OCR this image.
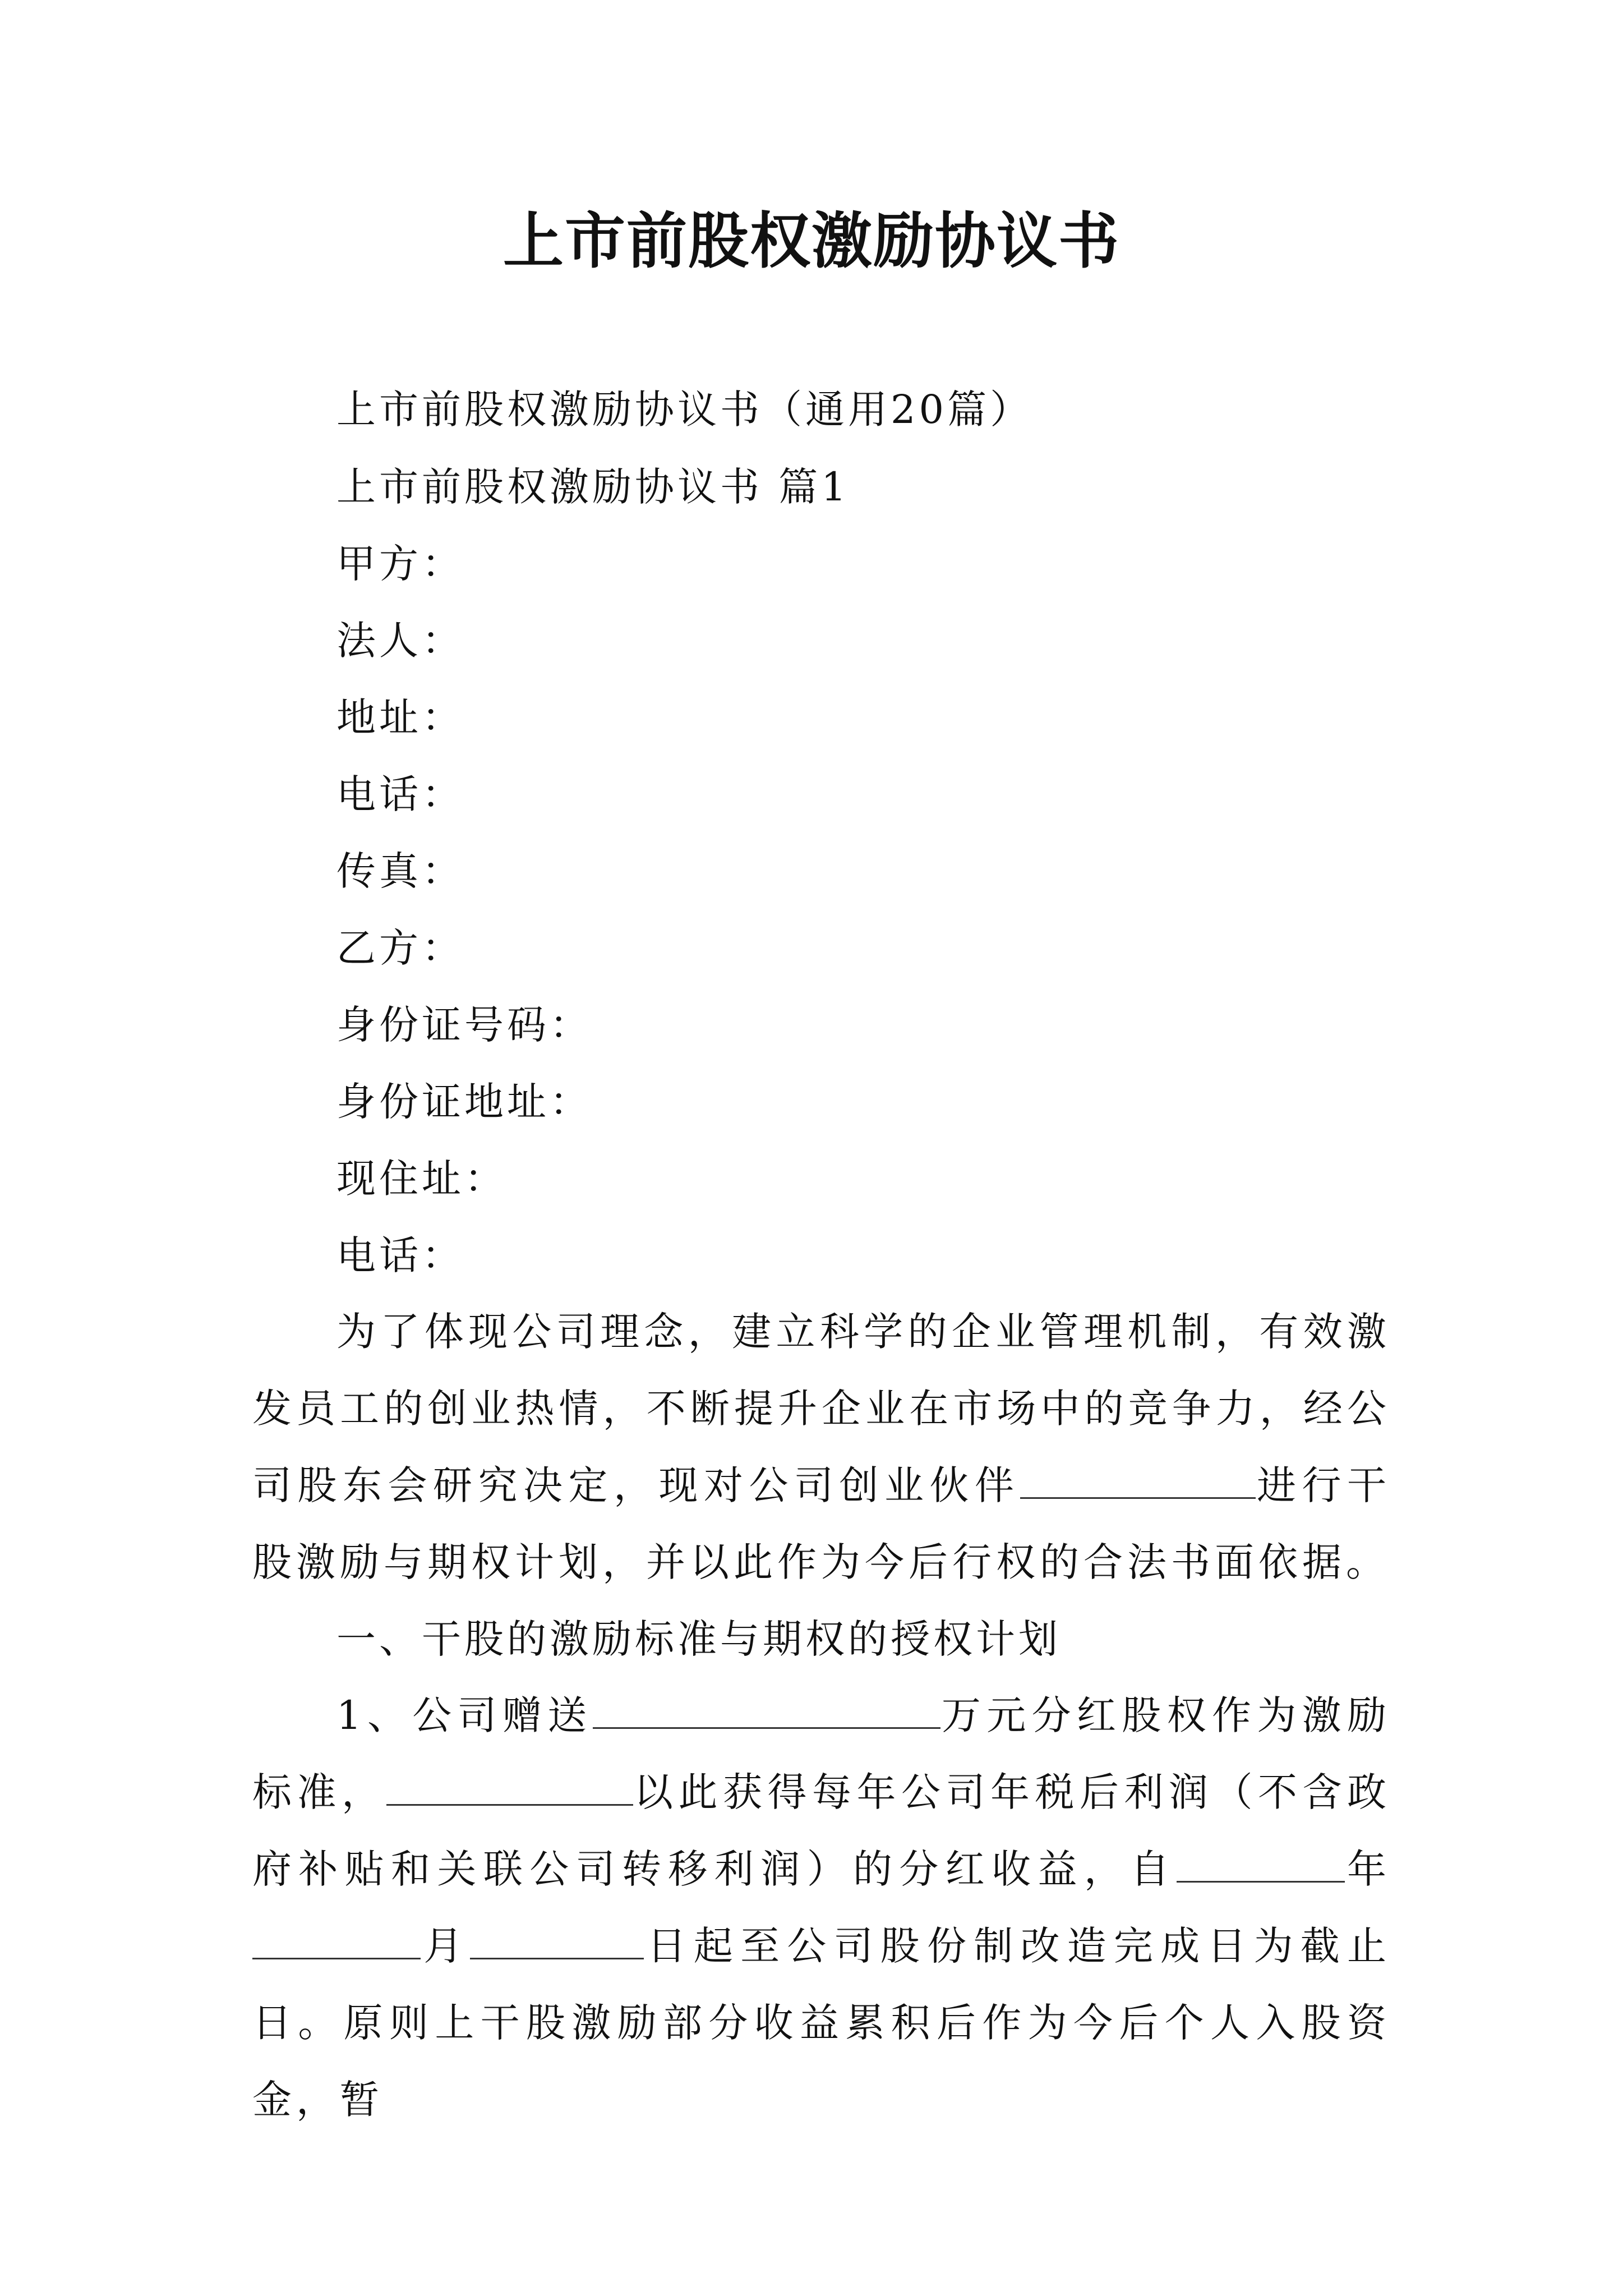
上市前股权激励协议书
上市前股权激励协议书（通用20篇）
上市前股权激励协议书 篇1
甲方：
法人：
地址：
电话：
传真：
乙方：
身份证号码：
身份证地址：
现住址：
电话：
为了体现公司理念，建立科学的企业管理机制，有效激发员工的创业热情，不断提升企业在市场中的竞争力，经公司股东会研究决定，现对公司创业伙伴	进行干股激励与期权计划，并以此作为今后行权的合法书面依据。
一、干股的激励标准与期权的授权计划
1、公司赠送	万元分红股权作为激励标准，	以此获得每年公司年税后利润（不含政府补贴和关联公司转移利润）的分红收益，自	年月	日起至公司股份制改造完成日为截止日。原则上干股激励部分收益累积后作为今后个人入股资金，暂
